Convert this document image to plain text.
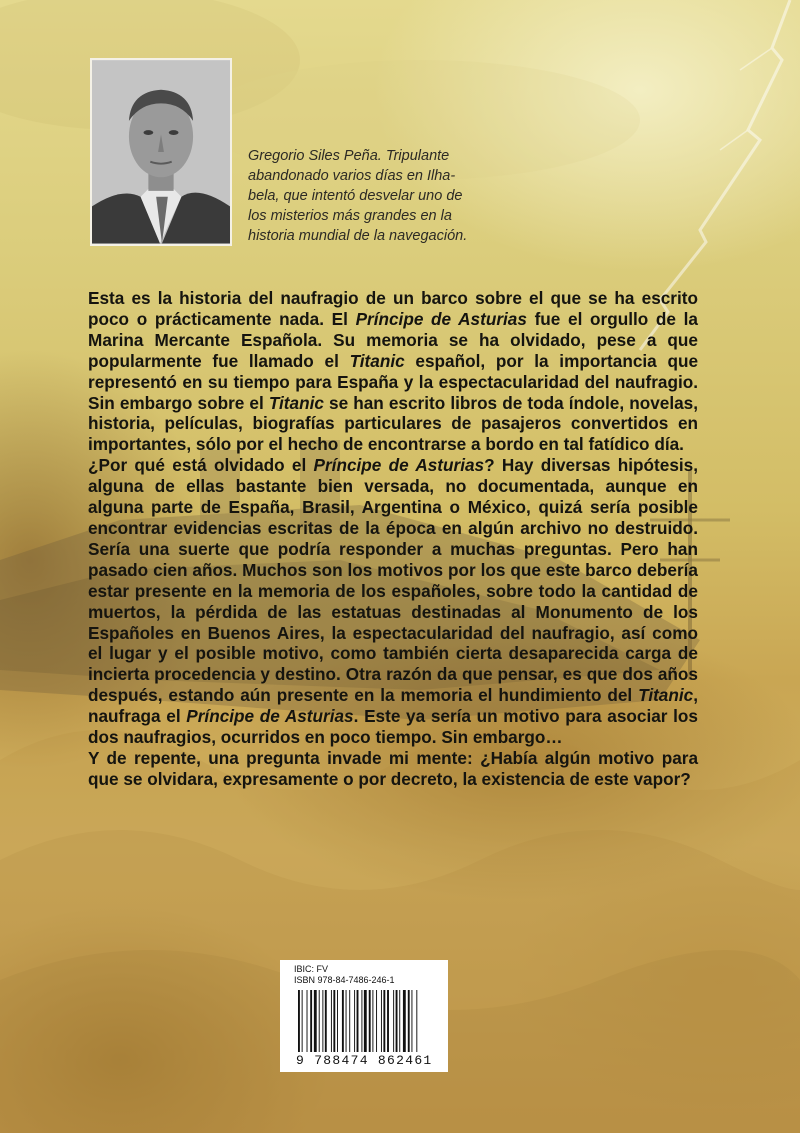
Gregorio Siles Peña. Tripulante
abandonado varios días en Ilha-
bela, que intentó desvelar uno de
los misterios más grandes en la
historia mundial de la navegación.

Esta es la historia del naufragio de un barco sobre el que se ha escrito poco o prácticamente nada. El Príncipe de Asturias fue el orgullo de la Marina Mercante Española. Su memoria se ha olvidado, pese a que popularmente fue llamado el Titanic español, por la importancia que representó en su tiempo para España y la espectacularidad del naufragio. Sin embargo sobre el Titanic se han escrito libros de toda índole, novelas, historia, películas, biografías particulares de pasajeros convertidos en importantes, sólo por el hecho de encontrarse a bordo en tal fatídico día.

¿Por qué está olvidado el Príncipe de Asturias? Hay diversas hipótesis, alguna de ellas bastante bien versada, no documentada, aunque en alguna parte de España, Brasil, Argentina o México, quizá sería posible encontrar evidencias escritas de la época en algún archivo no destruido. Sería una suerte que podría responder a muchas preguntas. Pero han pasado cien años. Muchos son los motivos por los que este barco debería estar presente en la memoria de los españoles, sobre todo la cantidad de muertos, la pérdida de las estatuas destinadas al Monumento de los Españoles en Buenos Aires, la espectacularidad del naufragio, así como el lugar y el posible motivo, como también cierta desaparecida carga de incierta procedencia y destino. Otra razón da que pensar, es que dos años después, estando aún presente en la memoria el hundimiento del Titanic, naufraga el Príncipe de Asturias. Este ya sería un motivo para asociar los dos naufragios, ocurridos en poco tiempo. Sin embargo…

Y de repente, una pregunta invade mi mente: ¿Había algún motivo para que se olvidara, expresamente o por decreto, la existencia de este vapor?

IBIC: FV
ISBN 978-84-7486-246-1
9 788474 862461
